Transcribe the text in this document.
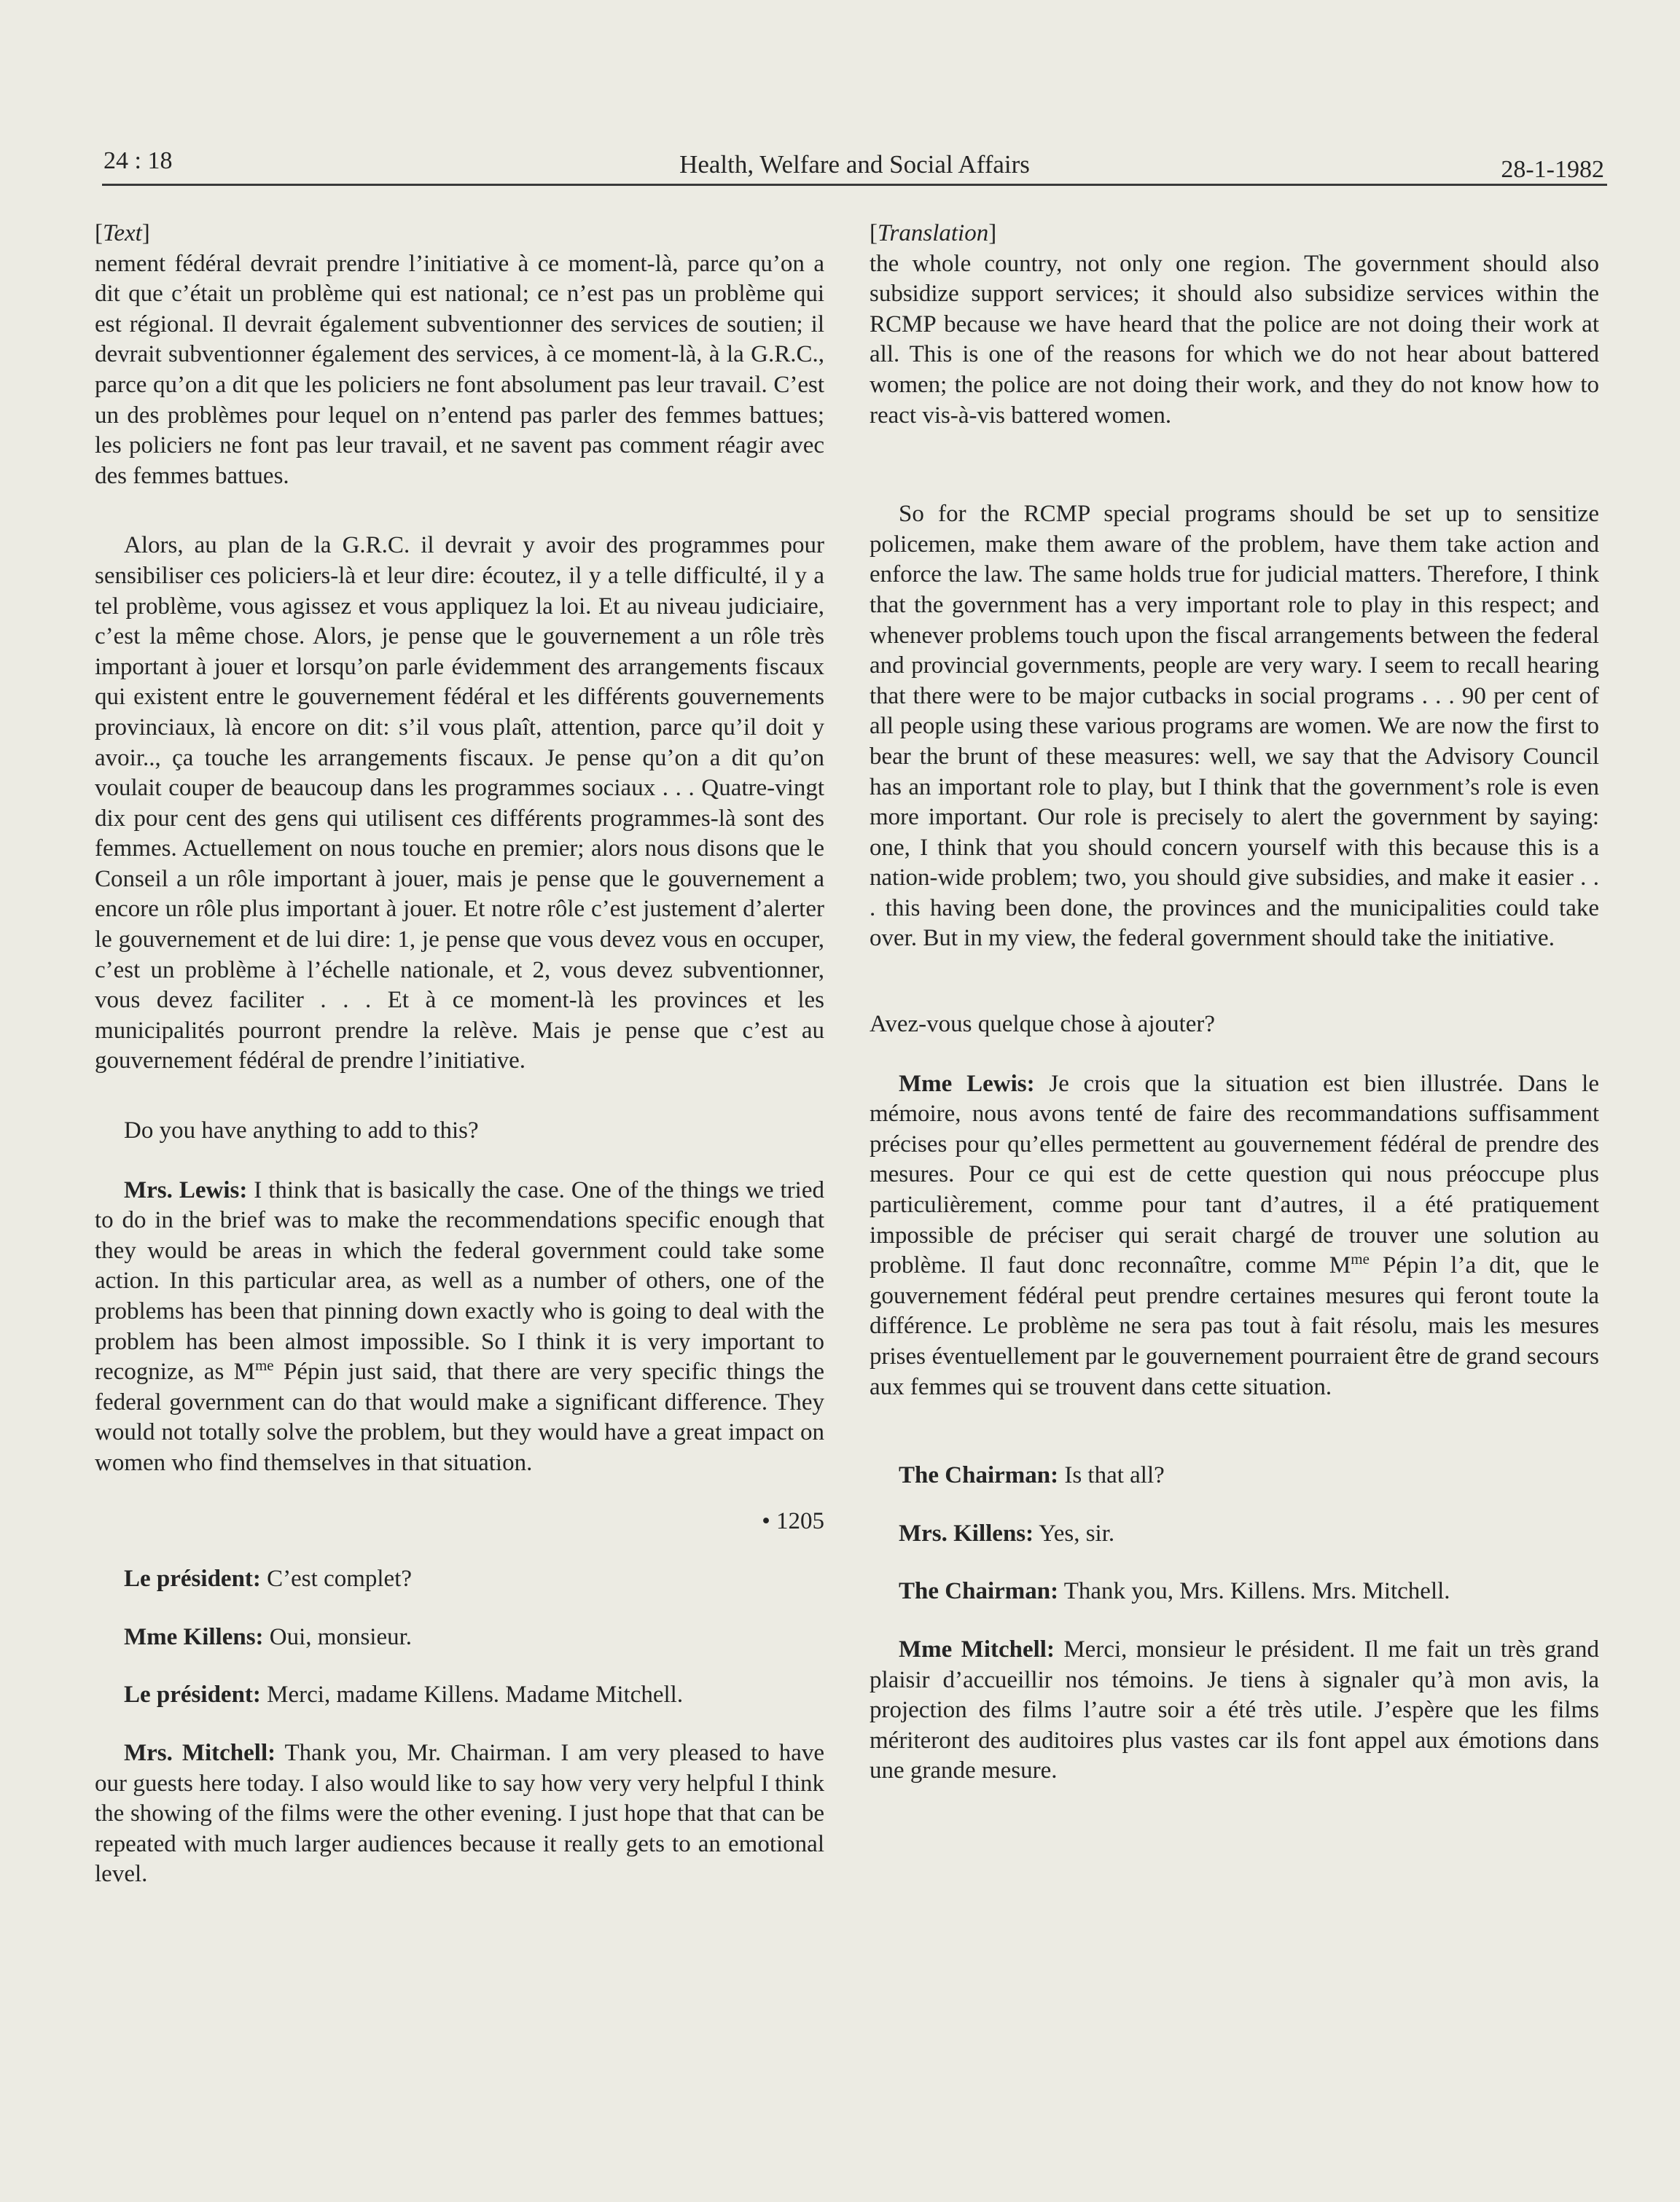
24 : 18	Health, Welfare and Social Affairs	28-1-1982

[Text]

nement fédéral devrait prendre l’initiative à ce moment-là, parce qu’on a dit que c’était un problème qui est national; ce n’est pas un problème qui est régional. Il devrait également subventionner des services de soutien; il devrait subventionner également des services, à ce moment-là, à la G.R.C., parce qu’on a dit que les policiers ne font absolument pas leur travail. C’est un des problèmes pour lequel on n’entend pas parler des femmes battues; les policiers ne font pas leur travail, et ne savent pas comment réagir avec des femmes battues.

Alors, au plan de la G.R.C. il devrait y avoir des programmes pour sensibiliser ces policiers-là et leur dire: écoutez, il y a telle difficulté, il y a tel problème, vous agissez et vous appliquez la loi. Et au niveau judiciaire, c’est la même chose. Alors, je pense que le gouvernement a un rôle très important à jouer et lorsqu’on parle évidemment des arrangements fiscaux qui existent entre le gouvernement fédéral et les différents gouvernements provinciaux, là encore on dit: s’il vous plaît, attention, parce qu’il doit y avoir.., ça touche les arrangements fiscaux. Je pense qu’on a dit qu’on voulait couper de beaucoup dans les programmes sociaux . . . Quatre-vingt dix pour cent des gens qui utilisent ces différents programmes-là sont des femmes. Actuellement on nous touche en premier; alors nous disons que le Conseil a un rôle important à jouer, mais je pense que le gouvernement a encore un rôle plus important à jouer. Et notre rôle c’est justement d’alerter le gouvernement et de lui dire: 1, je pense que vous devez vous en occuper, c’est un problème à l’échelle nationale, et 2, vous devez subventionner, vous devez faciliter . . . Et à ce moment-là les provinces et les municipalités pourront prendre la relève. Mais je pense que c’est au gouvernement fédéral de prendre l’initiative.

Do you have anything to add to this?

Mrs. Lewis: I think that is basically the case. One of the things we tried to do in the brief was to make the recommendations specific enough that they would be areas in which the federal government could take some action. In this particular area, as well as a number of others, one of the problems has been that pinning down exactly who is going to deal with the problem has been almost impossible. So I think it is very important to recognize, as $M^{me}$ Pépin just said, that there are very specific things the federal government can do that would make a significant difference. They would not totally solve the problem, but they would have a great impact on women who find themselves in that situation.

• 1205

Le président: C’est complet?

Mme Killens: Oui, monsieur.

Le président: Merci, madame Killens. Madame Mitchell.

Mrs. Mitchell: Thank you, Mr. Chairman. I am very pleased to have our guests here today. I also would like to say how very very helpful I think the showing of the films were the other evening. I just hope that that can be repeated with much larger audiences because it really gets to an emotional level.

[Translation]

the whole country, not only one region. The government should also subsidize support services; it should also subsidize services within the RCMP because we have heard that the police are not doing their work at all. This is one of the reasons for which we do not hear about battered women; the police are not doing their work, and they do not know how to react vis-à-vis battered women.

So for the RCMP special programs should be set up to sensitize policemen, make them aware of the problem, have them take action and enforce the law. The same holds true for judicial matters. Therefore, I think that the government has a very important role to play in this respect; and whenever problems touch upon the fiscal arrangements between the federal and provincial governments, people are very wary. I seem to recall hearing that there were to be major cutbacks in social programs . . . 90 per cent of all people using these various programs are women. We are now the first to bear the brunt of these measures: well, we say that the Advisory Council has an important role to play, but I think that the government’s role is even more important. Our role is precisely to alert the government by saying: one, I think that you should concern yourself with this because this is a nation-wide problem; two, you should give subsidies, and make it easier . . . this having been done, the provinces and the municipalities could take over. But in my view, the federal government should take the initiative.

Avez-vous quelque chose à ajouter?

Mme Lewis: Je crois que la situation est bien illustrée. Dans le mémoire, nous avons tenté de faire des recommandations suffisamment précises pour qu’elles permettent au gouvernement fédéral de prendre des mesures. Pour ce qui est de cette question qui nous préoccupe plus particulièrement, comme pour tant d’autres, il a été pratiquement impossible de préciser qui serait chargé de trouver une solution au problème. Il faut donc reconnaître, comme $M^{me}$ Pépin l’a dit, que le gouvernement fédéral peut prendre certaines mesures qui feront toute la différence. Le problème ne sera pas tout à fait résolu, mais les mesures prises éventuellement par le gouvernement pourraient être de grand secours aux femmes qui se trouvent dans cette situation.

The Chairman: Is that all?

Mrs. Killens: Yes, sir.

The Chairman: Thank you, Mrs. Killens. Mrs. Mitchell.

Mme Mitchell: Merci, monsieur le président. Il me fait un très grand plaisir d’accueillir nos témoins. Je tiens à signaler qu’à mon avis, la projection des films l’autre soir a été très utile. J’espère que les films mériteront des auditoires plus vastes car ils font appel aux émotions dans une grande mesure.
